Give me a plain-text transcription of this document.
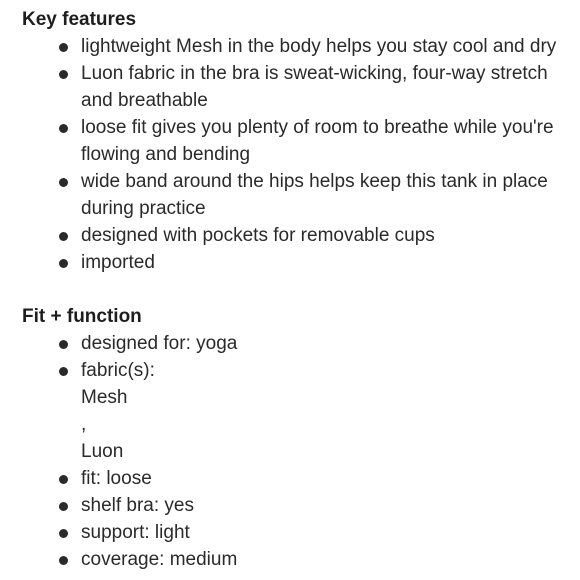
Key features
lightweight Mesh in the body helps you stay cool and dry
Luon fabric in the bra is sweat-wicking, four-way stretch and breathable
loose fit gives you plenty of room to breathe while you're flowing and bending
wide band around the hips helps keep this tank in place during practice
designed with pockets for removable cups
imported
Fit + function
designed for: yoga
fabric(s):
Mesh
,
Luon
fit: loose
shelf bra: yes
support: light
coverage: medium
